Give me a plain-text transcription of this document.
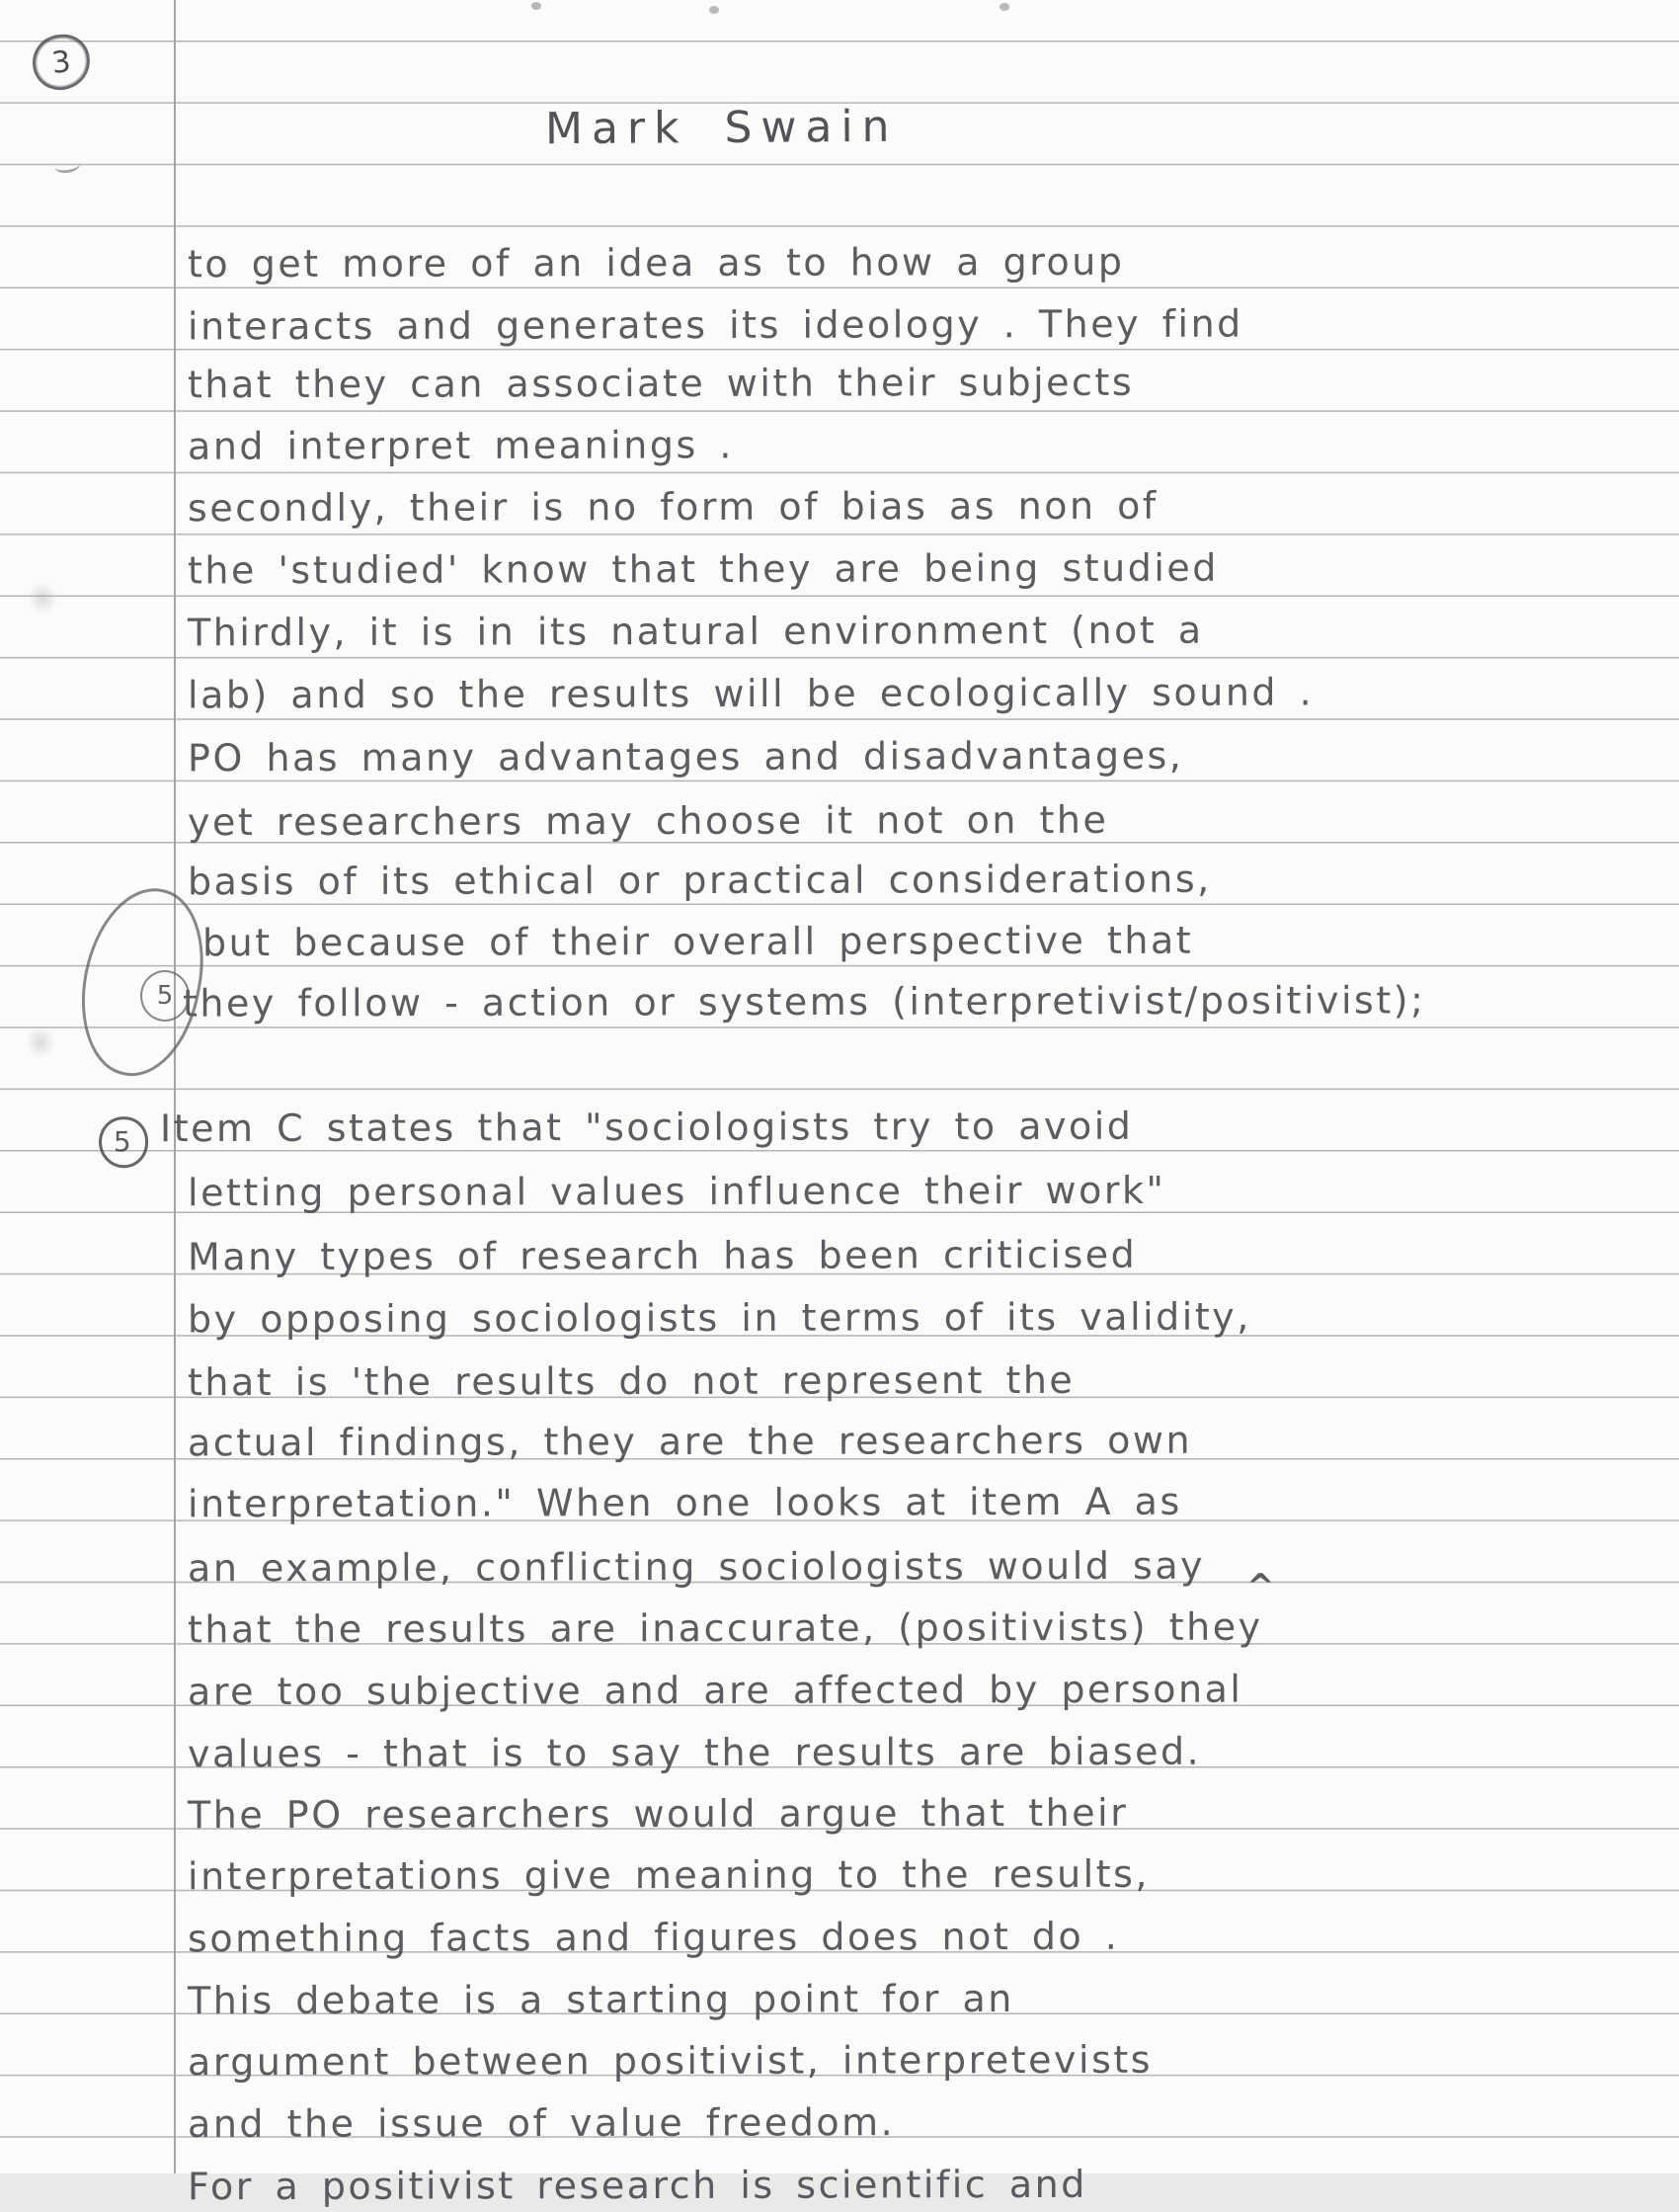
3
Mark Swain
to get more of an idea as to how a group
interacts and generates its ideology . They find
that they can associate with their subjects
and interpret meanings .
secondly, their is no form of bias as non of
the 'studied' know that they are being studied
Thirdly, it is in its natural environment (not a
lab) and so the results will be ecologically sound .
PO has many advantages and disadvantages,
yet researchers may choose it not on the
basis of its ethical or practical considerations,
but because of their overall perspective that
they follow - action or systems (interpretivist/positivist);
5
5 Item C states that "sociologists try to avoid
letting personal values influence their work"
Many types of research has been criticised
by opposing sociologists in terms of its validity,
that is 'the results do not represent the
actual findings, they are the researchers own
interpretation." When one looks at item A as
an example, conflicting sociologists would say
that the results are inaccurate, (positivists) they
^
are too subjective and are affected by personal
values - that is to say the results are biased.
The PO researchers would argue that their
interpretations give meaning to the results,
something facts and figures does not do .
This debate is a starting point for an
argument between positivist, interpretevists
and the issue of value freedom.
For a positivist research is scientific and
